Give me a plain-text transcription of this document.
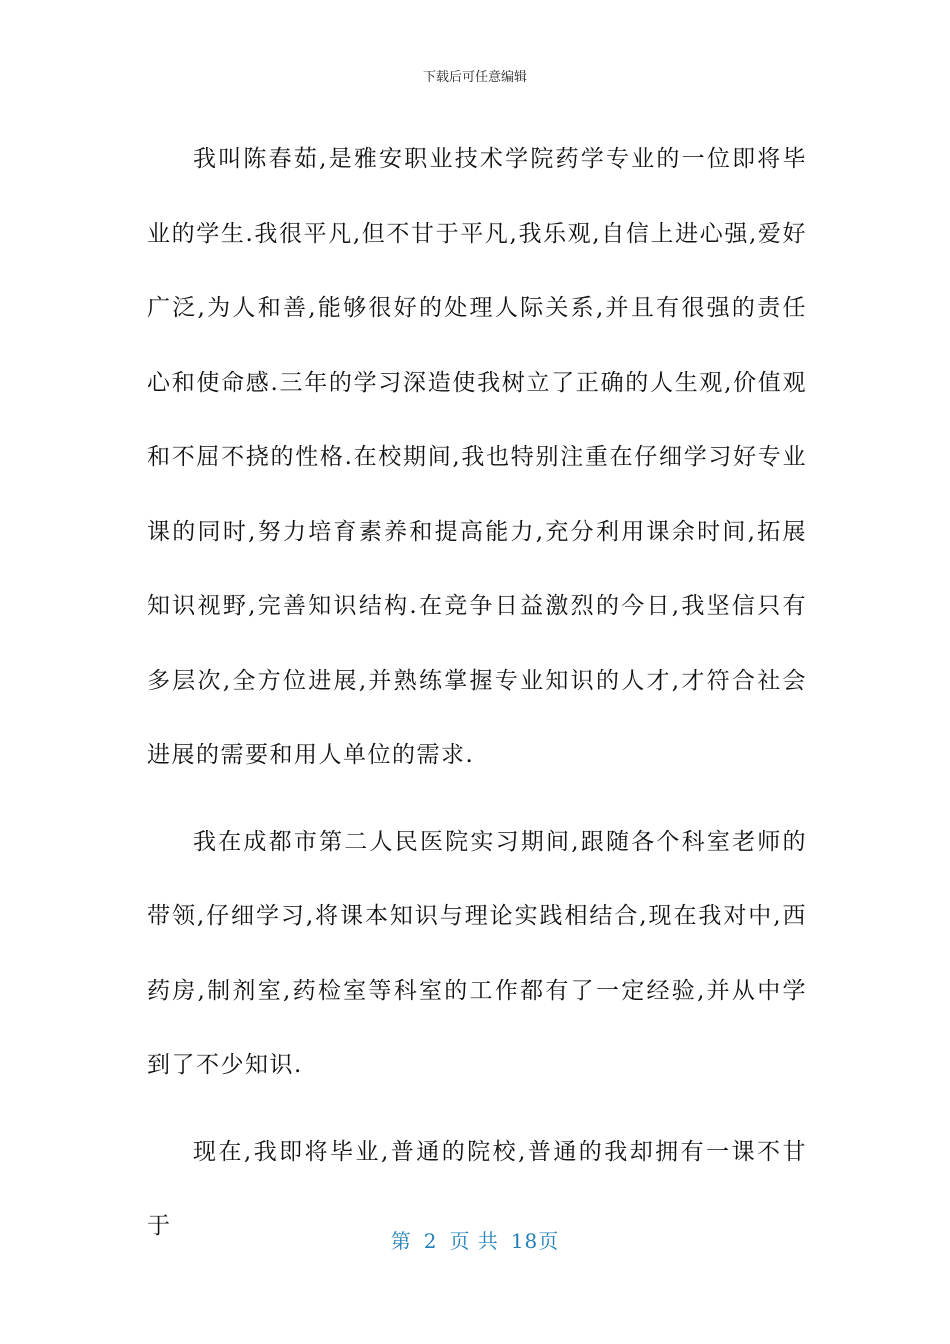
下载后可任意编辑

我叫陈春茹,是雅安职业技术学院药学专业的一位即将毕业的学生.我很平凡,但不甘于平凡,我乐观,自信上进心强,爱好广泛,为人和善,能够很好的处理人际关系,并且有很强的责任心和使命感.三年的学习深造使我树立了正确的人生观,价值观和不屈不挠的性格.在校期间,我也特别注重在仔细学习好专业课的同时,努力培育素养和提高能力,充分利用课余时间,拓展知识视野,完善知识结构.在竞争日益激烈的今日,我坚信只有多层次,全方位进展,并熟练掌握专业知识的人才,才符合社会进展的需要和用人单位的需求.

我在成都市第二人民医院实习期间,跟随各个科室老师的带领,仔细学习,将课本知识与理论实践相结合,现在我对中,西药房,制剂室,药检室等科室的工作都有了一定经验,并从中学到了不少知识.

现在,我即将毕业,普通的院校,普通的我却拥有一课不甘于

第 2 页 共 18页
